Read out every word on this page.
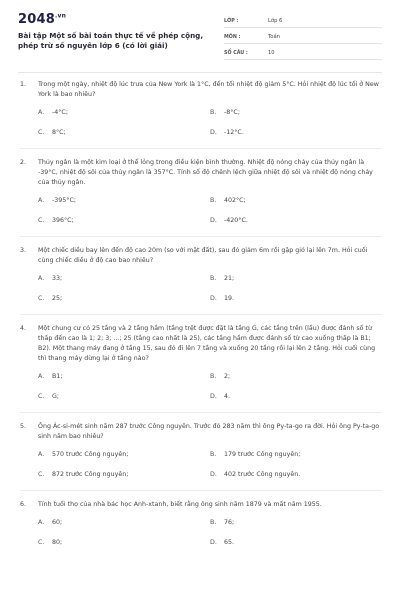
$2048^{.vn}$
Bài tập Một số bài toán thực tế về phép cộng, phép trừ số nguyên lớp 6 (có lời giải)
LỚP :	Lớp 6
MÔN :	Toán
SỐ CÂU :	10
1.	Trong một ngày, nhiệt độ lúc trưa của New York là 1°C, đến tối nhiệt độ giảm 5°C. Hỏi nhiệt độ lúc tối ở New York là bao nhiêu?
A.	-4°C;	B.	-8°C;
C.	8°C;	D.	-12°C.
2.	Thủy ngân là một kim loại ở thể lỏng trong điều kiện bình thường. Nhiệt độ nóng chảy của thủy ngân là -39°C, nhiệt độ sôi của thủy ngân là 357°C. Tính số độ chênh lệch giữa nhiệt độ sôi và nhiệt độ nóng chảy của thủy ngân.
A.	-395°C;	B.	402°C;
C.	396°C;	D.	-420°C.
3.	Một chiếc diều bay lên đến độ cao 20m (so với mặt đất), sau đó giảm 6m rồi gặp gió lại lên 7m. Hỏi cuối cùng chiếc diều ở độ cao bao nhiêu?
A.	33;	B.	21;
C.	25;	D.	19.
4.	Một chung cư có 25 tầng và 2 tầng hầm (tầng trệt được đặt là tầng G, các tầng trên (lầu) được đánh số từ thấp đến cao là 1; 2; 3; ...; 25 (tầng cao nhất là 25), các tầng hầm được đánh số từ cao xuống thấp là B1; B2). Một thang máy đang ở tầng 15, sau đó đi lên 7 tầng và xuống 20 tầng rồi lại lên 2 tầng. Hỏi cuối cùng thì thang máy dừng lại ở tầng nào?
A.	B1;	B.	2;
C.	G;	D.	4.
5.	Ông Ác-si-mét sinh năm 287 trước Công nguyên. Trước đó 283 năm thì ông Py-ta-go ra đời. Hỏi ông Py-ta-go sinh năm bao nhiêu?
A.	570 trước Công nguyên;	B.	179 trước Công nguyên;
C.	872 trước Công nguyên;	D.	402 trước Công nguyên.
6.	Tính tuổi thọ của nhà bác học Anh-xtanh, biết rằng ông sinh năm 1879 và mất năm 1955.
A.	60;	B.	76;
C.	80;	D.	65.
